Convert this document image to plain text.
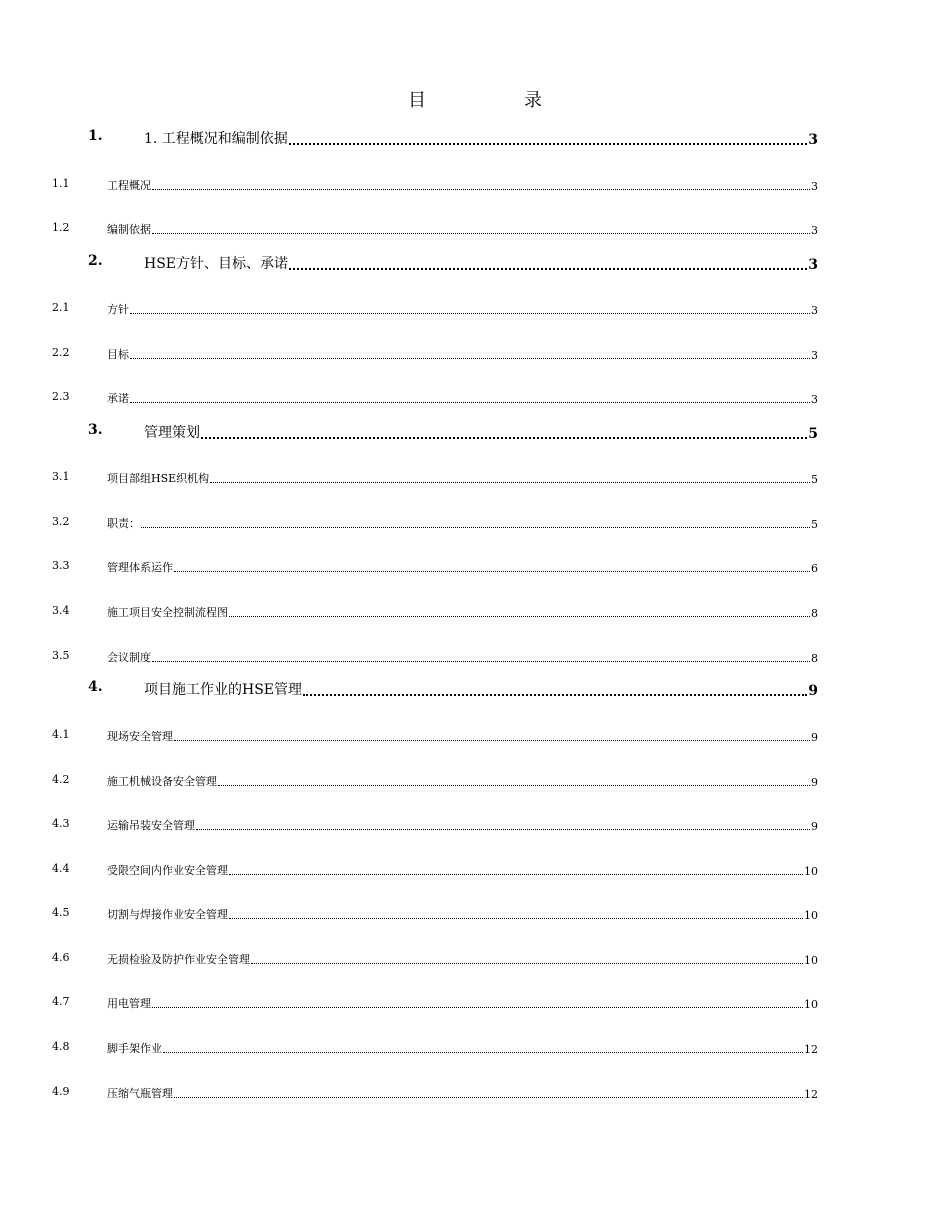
目　录
1.	1. 工程概况和编制依据	3
1.1	工程概况	3
1.2	编制依据	3
2.	HSE方针、目标、承诺	3
2.1	方针	3
2.2	目标	3
2.3	承诺	3
3.	管理策划	5
3.1	项目部组HSE织机构	5
3.2	职责：	5
3.3	管理体系运作	6
3.4	施工项目安全控制流程图	8
3.5	会议制度	8
4.	项目施工作业的HSE管理	9
4.1	现场安全管理	9
4.2	施工机械设备安全管理	9
4.3	运输吊装安全管理	9
4.4	受限空间内作业安全管理	10
4.5	切割与焊接作业安全管理	10
4.6	无损检验及防护作业安全管理	10
4.7	用电管理	10
4.8	脚手架作业	12
4.9	压缩气瓶管理	12
